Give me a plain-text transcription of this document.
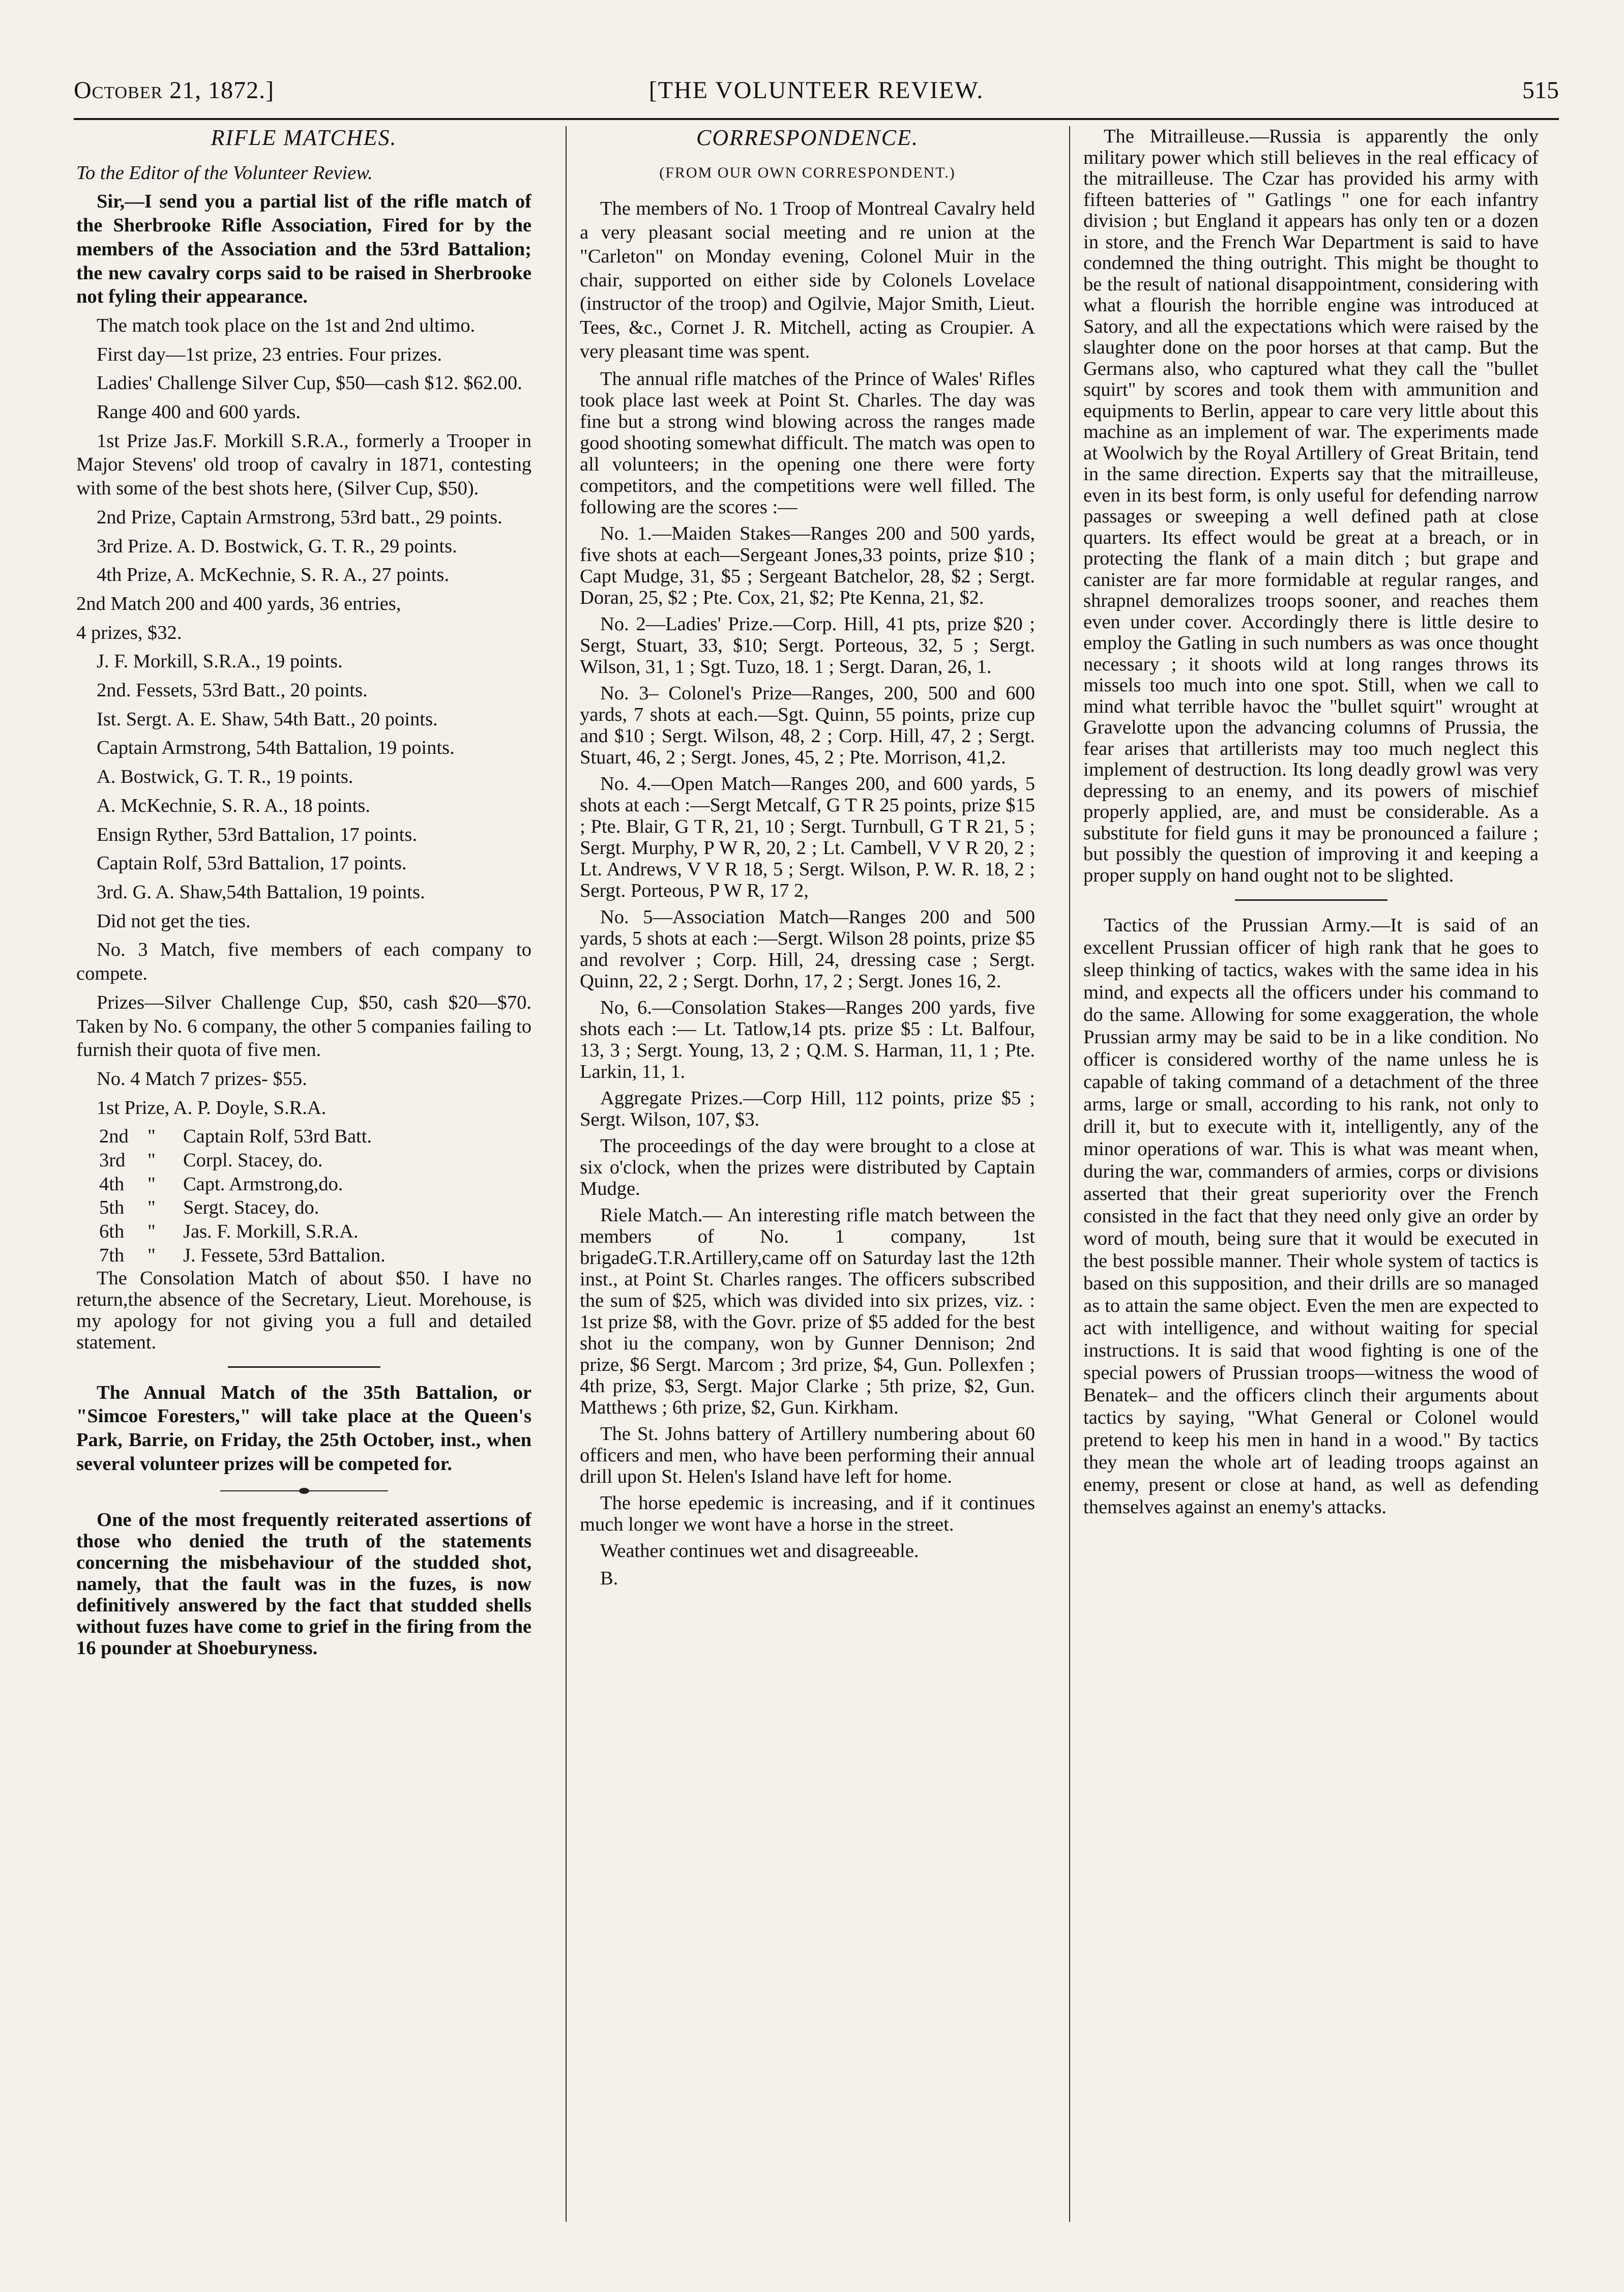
October 21, 1872.]	[THE VOLUNTEER REVIEW.	515
RIFLE MATCHES.

To the Editor of the Volunteer Review.

Sir,—I send you a partial list of the rifle match of the Sherbrooke Rifle Association, Fired for by the members of the Association and the 53rd Battalion; the new cavalry corps said to be raised in Sherbrooke not fyling their appearance.

The match took place on the 1st and 2nd ultimo.

First day—1st prize, 23 entries. Four prizes.

Ladies' Challenge Silver Cup, $50—cash $12. $62.00.

Range 400 and 600 yards.

1st Prize Jas.F. Morkill S.R.A., formerly a Trooper in Major Stevens' old troop of cavalry in 1871, contesting with some of the best shots here, (Silver Cup, $50).

2nd Prize, Captain Armstrong, 53rd batt., 29 points.

3rd Prize. A. D. Bostwick, G. T. R., 29 points.

4th Prize, A. McKechnie, S. R. A., 27 points.

2nd Match 200 and 400 yards, 36 entries,

4 prizes, $32.

J. F. Morkill, S.R.A., 19 points.

2nd. Fessets, 53rd Batt., 20 points.

Ist. Sergt. A. E. Shaw, 54th Batt., 20 points.

Captain Armstrong, 54th Battalion, 19 points.

A. Bostwick, G. T. R., 19 points.

A. McKechnie, S. R. A., 18 points.

Ensign Ryther, 53rd Battalion, 17 points.

Captain Rolf, 53rd Battalion, 17 points.

3rd. G. A. Shaw,54th Battalion, 19 points.

Did not get the ties.

No. 3 Match, five members of each company to compete.

Prizes—Silver Challenge Cup, $50, cash $20—$70. Taken by No. 6 company, the other 5 companies failing to furnish their quota of five men.

No. 4 Match 7 prizes- $55.

1st Prize, A. P. Doyle, S.R.A.

2nd "	Captain Rolf, 53rd Batt.
3rd	"	Corpl. Stacey, do.
4th	"	Capt. Armstrong,do.
5th	"	Sergt. Stacey, do.
6th	"	Jas. F. Morkill, S.R.A.
7th	"	J. Fessete, 53rd Battalion.

The Consolation Match of about $50. I have no return,the absence of the Secretary, Lieut. Morehouse, is my apology for not giving you a full and detailed statement.

The Annual Match of the 35th Battalion, or "Simcoe Foresters," will take place at the Queen's Park, Barrie, on Friday, the 25th October, inst., when several volunteer prizes will be competed for.

One of the most frequently reiterated assertions of those who denied the truth of the statements concerning the misbehaviour of the studded shot, namely, that the fault was in the fuzes, is now definitively answered by the fact that studded shells without fuzes have come to grief in the firing from the 16 pounder at Shoeburyness.

CORRESPONDENCE.
(FROM OUR OWN CORRESPONDENT.)

The members of No. 1 Troop of Montreal Cavalry held a very pleasant social meeting and re union at the "Carleton" on Monday evening, Colonel Muir in the chair, supported on either side by Colonels Lovelace (instructor of the troop) and Ogilvie, Major Smith, Lieut. Tees, &c., Cornet J. R. Mitchell, acting as Croupier. A very pleasant time was spent.

The annual rifle matches of the Prince of Wales' Rifles took place last week at Point St. Charles. The day was fine but a strong wind blowing across the ranges made good shooting somewhat difficult. The match was open to all volunteers; in the opening one there were forty competitors, and the competitions were well filled. The following are the scores :—

No. 1.—Maiden Stakes—Ranges 200 and 500 yards, five shots at each—Sergeant Jones,33 points, prize $10 ; Capt Mudge, 31, $5 ; Sergeant Batchelor, 28, $2 ; Sergt. Doran, 25, $2 ; Pte. Cox, 21, $2; Pte Kenna, 21, $2.

No. 2—Ladies' Prize.—Corp. Hill, 41 pts, prize $20 ; Sergt, Stuart, 33, $10; Sergt. Porteous, 32, 5 ; Sergt. Wilson, 31, 1 ; Sgt. Tuzo, 18. 1 ; Sergt. Daran, 26, 1.

No. 3– Colonel's Prize—Ranges, 200, 500 and 600 yards, 7 shots at each.—Sgt. Quinn, 55 points, prize cup and $10 ; Sergt. Wilson, 48, 2 ; Corp. Hill, 47, 2 ; Sergt. Stuart, 46, 2 ; Sergt. Jones, 45, 2 ; Pte. Morrison, 41,2.

No. 4.—Open Match—Ranges 200, and 600 yards, 5 shots at each :—Sergt Metcalf, G T R 25 points, prize $15 ; Pte. Blair, G T R, 21, 10 ; Sergt. Turnbull, G T R 21, 5 ; Sergt. Murphy, P W R, 20, 2 ; Lt. Cambell, V V R 20, 2 ; Lt. Andrews, V V R 18, 5 ; Sergt. Wilson, P. W. R. 18, 2 ; Sergt. Porteous, P W R, 17 2,

No. 5—Association Match—Ranges 200 and 500 yards, 5 shots at each :—Sergt. Wilson 28 points, prize $5 and revolver ; Corp. Hill, 24, dressing case ; Sergt. Quinn, 22, 2 ; Sergt. Dorhn, 17, 2 ; Sergt. Jones 16, 2.

No, 6.—Consolation Stakes—Ranges 200 yards, five shots each :— Lt. Tatlow,14 pts. prize $5 : Lt. Balfour, 13, 3 ; Sergt. Young, 13, 2 ; Q.M. S. Harman, 11, 1 ; Pte. Larkin, 11, 1.

Aggregate Prizes.—Corp Hill, 112 points, prize $5 ; Sergt. Wilson, 107, $3.

The proceedings of the day were brought to a close at six o'clock, when the prizes were distributed by Captain Mudge.

Riele Match.— An interesting rifle match between the members of No. 1 company, 1st brigadeG.T.R.Artillery,came off on Saturday last the 12th inst., at Point St. Charles ranges. The officers subscribed the sum of $25, which was divided into six prizes, viz. : 1st prize $8, with the Govr. prize of $5 added for the best shot iu the company, won by Gunner Dennison; 2nd prize, $6 Sergt. Marcom ; 3rd prize, $4, Gun. Pollexfen ; 4th prize, $3, Sergt. Major Clarke ; 5th prize, $2, Gun. Matthews ; 6th prize, $2, Gun. Kirkham.

The St. Johns battery of Artillery numbering about 60 officers and men, who have been performing their annual drill upon St. Helen's Island have left for home.

The horse epedemic is increasing, and if it continues much longer we wont have a horse in the street.

Weather continues wet and disagreeable.

B.

The Mitrailleuse.—Russia is apparently the only military power which still believes in the real efficacy of the mitrailleuse. The Czar has provided his army with fifteen batteries of " Gatlings " one for each infantry division ; but England it appears has only ten or a dozen in store, and the French War Department is said to have condemned the thing outright. This might be thought to be the result of national disappointment, considering with what a flourish the horrible engine was introduced at Satory, and all the expectations which were raised by the slaughter done on the poor horses at that camp. But the Germans also, who captured what they call the "bullet squirt" by scores and took them with ammunition and equipments to Berlin, appear to care very little about this machine as an implement of war. The experiments made at Woolwich by the Royal Artillery of Great Britain, tend in the same direction. Experts say that the mitrailleuse, even in its best form, is only useful for defending narrow passages or sweeping a well defined path at close quarters. Its effect would be great at a breach, or in protecting the flank of a main ditch ; but grape and canister are far more formidable at regular ranges, and shrapnel demoralizes troops sooner, and reaches them even under cover. Accordingly there is little desire to employ the Gatling in such numbers as was once thought necessary ; it shoots wild at long ranges throws its missels too much into one spot. Still, when we call to mind what terrible havoc the "bullet squirt" wrought at Gravelotte upon the advancing columns of Prussia, the fear arises that artillerists may too much neglect this implement of destruction. Its long deadly growl was very depressing to an enemy, and its powers of mischief properly applied, are, and must be considerable. As a substitute for field guns it may be pronounced a failure ; but possibly the question of improving it and keeping a proper supply on hand ought not to be slighted.

Tactics of the Prussian Army.—It is said of an excellent Prussian officer of high rank that he goes to sleep thinking of tactics, wakes with the same idea in his mind, and expects all the officers under his command to do the same. Allowing for some exaggeration, the whole Prussian army may be said to be in a like condition. No officer is considered worthy of the name unless he is capable of taking command of a detachment of the three arms, large or small, according to his rank, not only to drill it, but to execute with it, intelligently, any of the minor operations of war. This is what was meant when, during the war, commanders of armies, corps or divisions asserted that their great superiority over the French consisted in the fact that they need only give an order by word of mouth, being sure that it would be executed in the best possible manner. Their whole system of tactics is based on this supposition, and their drills are so managed as to attain the same object. Even the men are expected to act with intelligence, and without waiting for special instructions. It is said that wood fighting is one of the special powers of Prussian troops—witness the wood of Benatek– and the officers clinch their arguments about tactics by saying, "What General or Colonel would pretend to keep his men in hand in a wood." By tactics they mean the whole art of leading troops against an enemy, present or close at hand, as well as defending themselves against an enemy's attacks.
